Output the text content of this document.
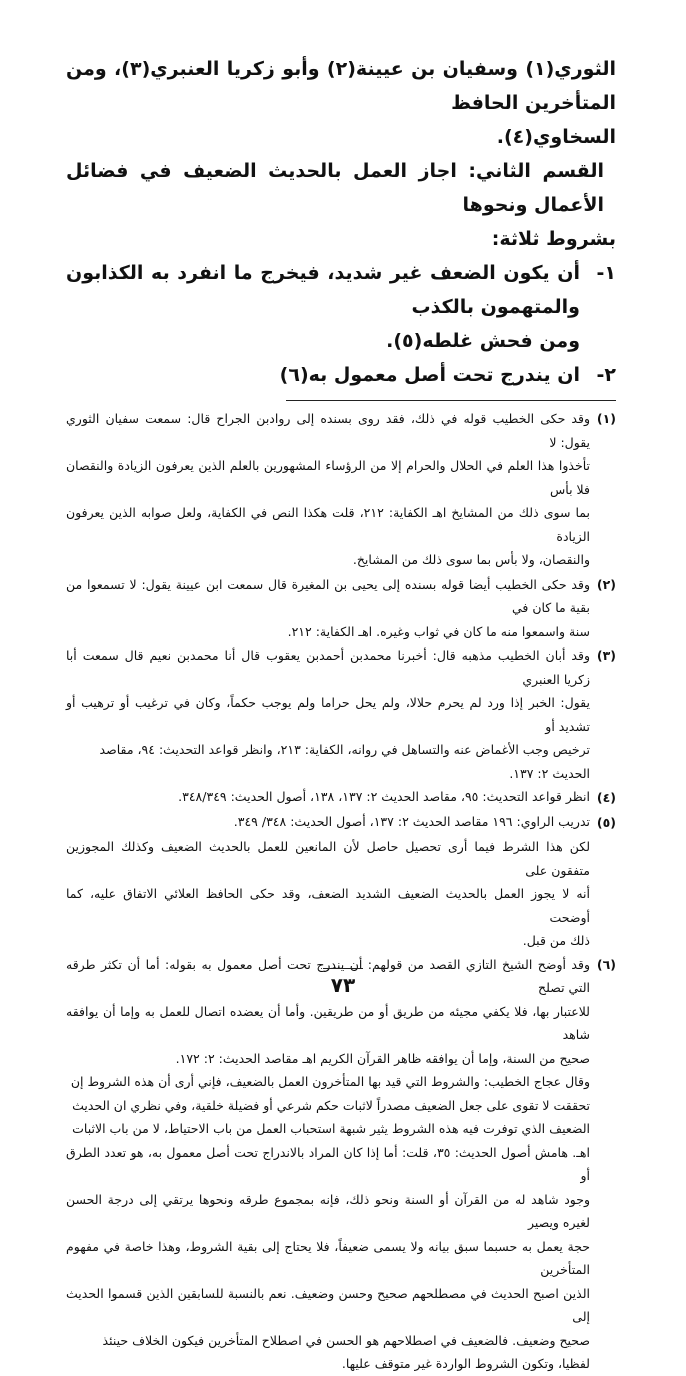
الثوري(١) وسفيان بن عيينة(٢) وأبو زكريا العنبري(٣)، ومن المتأخرين الحافظ

السخاوي(٤).

القسم الثاني: اجاز العمل بالحديث الضعيف في فضائل الأعمال ونحوها

بشروط ثلاثة:

١-

أن يكون الضعف غير شديد، فيخرج ما انفرد به الكذابون والمتهمون بالكذب

ومن فحش غلطه(٥).

٢-

ان يندرج تحت أصل معمول به(٦)

(١)

وقد حكى الخطيب قوله في ذلك، فقد روى بسنده إلى روادبن الجراح قال: سمعت سفيان الثوري يقول: لا

تأخذوا هذا العلم في الحلال والحرام إلا من الرؤساء المشهورين بالعلم الذين يعرفون الزيادة والنقصان فلا بأس

بما سوى ذلك من المشايخ اهـ الكفاية: ٢١٢، قلت هكذا النص في الكفاية، ولعل صوابه الذين يعرفون الزيادة

والنقصان، ولا بأس بما سوى ذلك من المشايخ.

(٢)

وقد حكى الخطيب أيضا قوله بسنده إلى يحيى بن المغيرة قال سمعت ابن عيينة يقول: لا تسمعوا من بقية ما كان في

سنة واسمعوا منه ما كان في ثواب وغيره. اهـ الكفاية: ٢١٢.

(٣)

وقد أبان الخطيب مذهبه قال: أخبرنا محمدبن أحمدبن يعقوب قال أنا محمدبن نعيم قال سمعت أبا زكريا العنبري

يقول: الخبر إذا ورد لم يحرم حلالا، ولم يحل حراما ولم يوجب حكماً، وكان في ترغيب أو ترهيب أو تشديد أو

ترخيص وجب الأغماض عنه والتساهل في روانه، الكفاية: ٢١٣، وانظر قواعد التحديث: ٩٤، مقاصد

الحديث ٢: ١٣٧.

(٤)

انظر قواعد التحديث: ٩٥، مقاصد الحديث ٢: ١٣٧، ١٣٨، أصول الحديث: ٣٤٨/٣٤٩.

(٥)

تدريب الراوي: ١٩٦ مقاصد الحديث ٢: ١٣٧، أصول الحديث: ٣٤٨/ ٣٤٩.

لكن هذا الشرط فيما أرى تحصيل حاصل لأن المانعين للعمل بالحديث الضعيف وكذلك المجوزين متفقون على

أنه لا يجوز العمل بالحديث الضعيف الشديد الضعف، وقد حكى الحافظ العلائي الاتفاق عليه، كما أوضحت

ذلك من قبل.

(٦)

وقد أوضح الشيخ التازي القصد من قولهم: أن يندرج تحت أصل معمول به بقوله: أما أن تكثر طرقه التي تصلح

للاعتبار بها، فلا يكفي مجيئه من طريق أو من طريقين. وأما أن يعضده اتصال للعمل به وإما أن يوافقه شاهد

صحيح من السنة، وإما أن يوافقه ظاهر القرآن الكريم اهـ مقاصد الحديث: ٢: ١٧٢.

وقال عجاج الخطيب: والشروط التي قيد بها المتأخرون العمل بالضعيف، فإني أرى أن هذه الشروط إن

تحققت لا تقوى على جعل الضعيف مصدراً لاثبات حكم شرعي أو فضيلة خلقية، وفي نظري ان الحديث

الضعيف الذي توفرت فيه هذه الشروط يثير شبهة استحباب العمل من باب الاحتياط، لا من باب الاثبات

اهـ. هامش أصول الحديث: ٣٥، قلت: أما إذا كان المراد بالاندراج تحت أصل معمول به، هو تعدد الطرق أو

وجود شاهد له من القرآن أو السنة ونحو ذلك، فإنه بمجموع طرقه ونحوها يرتقي إلى درجة الحسن لغيره ويصير

حجة يعمل به حسبما سبق بيانه ولا يسمى ضعيفاً، فلا يحتاج إلى بقية الشروط، وهذا خاصة في مفهوم المتأخرين

الذين اصبح الحديث في مصطلحهم صحيح وحسن وضعيف. نعم بالنسبة للسابقين الذين قسموا الحديث إلى

صحيح وضعيف. فالضعيف في اصطلاحهم هو الحسن في اصطلاح المتأخرين فيكون الخلاف حينئذ

لفظيا، وتكون الشروط الواردة غير متوقف عليها.

٧٣
